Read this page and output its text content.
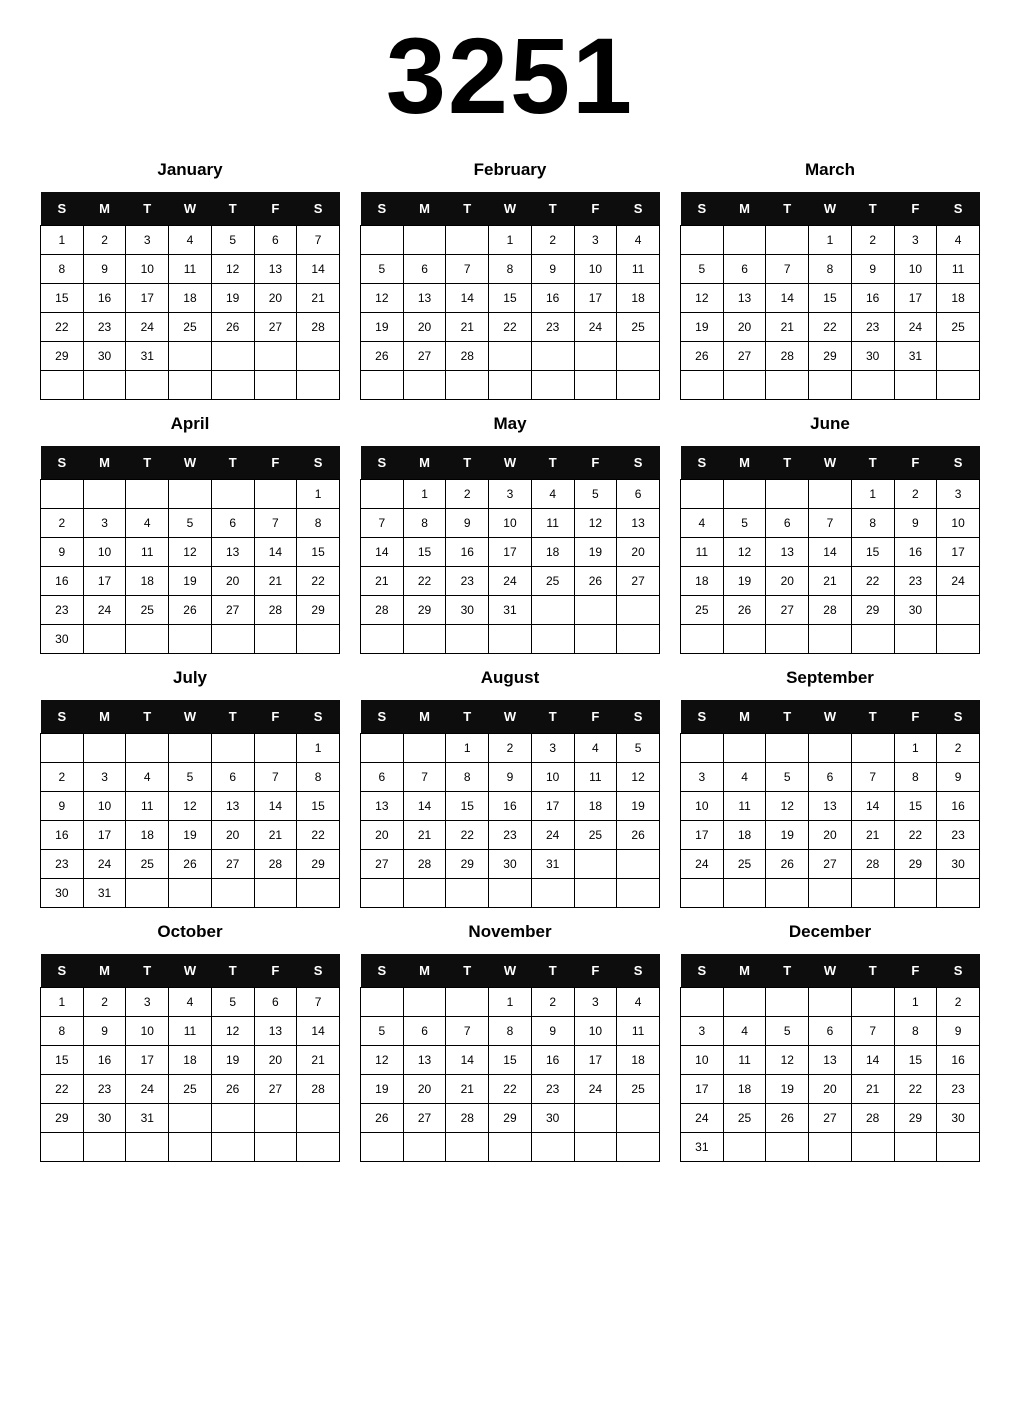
3251
January
S	M	T	W	T	F	S
1	2	3	4	5	6	7
8	9	10	11	12	13	14
15	16	17	18	19	20	21
22	23	24	25	26	27	28
29	30	31				

February
S	M	T	W	T	F	S
			1	2	3	4
5	6	7	8	9	10	11
12	13	14	15	16	17	18
19	20	21	22	23	24	25
26	27	28				

March
S	M	T	W	T	F	S
			1	2	3	4
5	6	7	8	9	10	11
12	13	14	15	16	17	18
19	20	21	22	23	24	25
26	27	28	29	30	31	

April
S	M	T	W	T	F	S
						1
2	3	4	5	6	7	8
9	10	11	12	13	14	15
16	17	18	19	20	21	22
23	24	25	26	27	28	29
30						
May
S	M	T	W	T	F	S
	1	2	3	4	5	6
7	8	9	10	11	12	13
14	15	16	17	18	19	20
21	22	23	24	25	26	27
28	29	30	31			

June
S	M	T	W	T	F	S
				1	2	3
4	5	6	7	8	9	10
11	12	13	14	15	16	17
18	19	20	21	22	23	24
25	26	27	28	29	30	

July
S	M	T	W	T	F	S
						1
2	3	4	5	6	7	8
9	10	11	12	13	14	15
16	17	18	19	20	21	22
23	24	25	26	27	28	29
30	31					
August
S	M	T	W	T	F	S
		1	2	3	4	5
6	7	8	9	10	11	12
13	14	15	16	17	18	19
20	21	22	23	24	25	26
27	28	29	30	31		

September
S	M	T	W	T	F	S
					1	2
3	4	5	6	7	8	9
10	11	12	13	14	15	16
17	18	19	20	21	22	23
24	25	26	27	28	29	30

October
S	M	T	W	T	F	S
1	2	3	4	5	6	7
8	9	10	11	12	13	14
15	16	17	18	19	20	21
22	23	24	25	26	27	28
29	30	31				

November
S	M	T	W	T	F	S
			1	2	3	4
5	6	7	8	9	10	11
12	13	14	15	16	17	18
19	20	21	22	23	24	25
26	27	28	29	30		

December
S	M	T	W	T	F	S
					1	2
3	4	5	6	7	8	9
10	11	12	13	14	15	16
17	18	19	20	21	22	23
24	25	26	27	28	29	30
31						
